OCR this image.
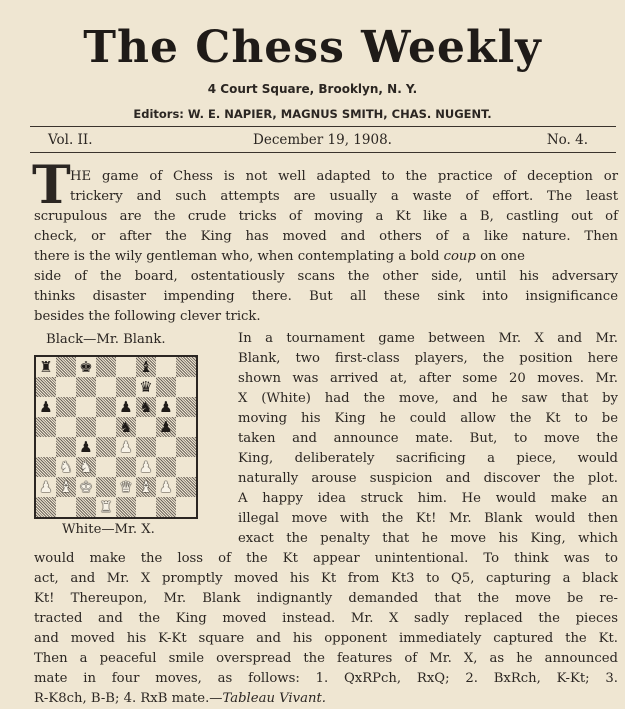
The Chess Weekly
4 Court Square, Brooklyn, N. Y.
Editors: W. E. NAPIER, MAGNUS SMITH, CHAS. NUGENT.
Vol. II.	December 19, 1908.	No. 4.
T HE game of Chess is not well adapted to the practice of deception or
trickery and such attempts are usually a waste of effort. The least
scrupulous are the crude tricks of moving a Kt like a B, castling out of
check, or after the King has moved and others of a like nature. Then
there is the wily gentleman who, when contemplating a bold coup on one
side of the board, ostentatiously scans the other side, until his adversary
thinks disaster impending there. But all these sink into insignificance
besides the following clever trick.
Black—Mr. Blank.
♜ ♚	♝
♛
♟	♟ ♞ ♟
♞ ♟
♟ ♟
♞ ♞	♟
♟ ♝ ♚ ♛ ♝ ♟
♜
White—Mr. X.
In a tournament game between Mr. X and Mr.
Blank, two first-class players, the position here
shown was arrived at, after some 20 moves. Mr.
X (White) had the move, and he saw that by
moving his King he could allow the Kt to be
taken and announce mate. But, to move the
King, deliberately sacrificing a piece, would
naturally arouse suspicion and discover the plot.
A happy idea struck him. He would make an
illegal move with the Kt! Mr. Blank would then
exact the penalty that he move his King, which
would make the loss of the Kt appear unintentional. To think was to
act, and Mr. X promptly moved his Kt from Kt3 to Q5, capturing a black
Kt! Thereupon, Mr. Blank indignantly demanded that the move be re-
tracted and the King moved instead. Mr. X sadly replaced the pieces
and moved his K-Kt square and his opponent immediately captured the Kt.
Then a peaceful smile overspread the features of Mr. X, as he announced
mate in four moves, as follows: 1. QxRPch, RxQ; 2. BxRch, K-Kt; 3.
R-K8ch, B-B; 4. RxB mate.—Tableau Vivant.
